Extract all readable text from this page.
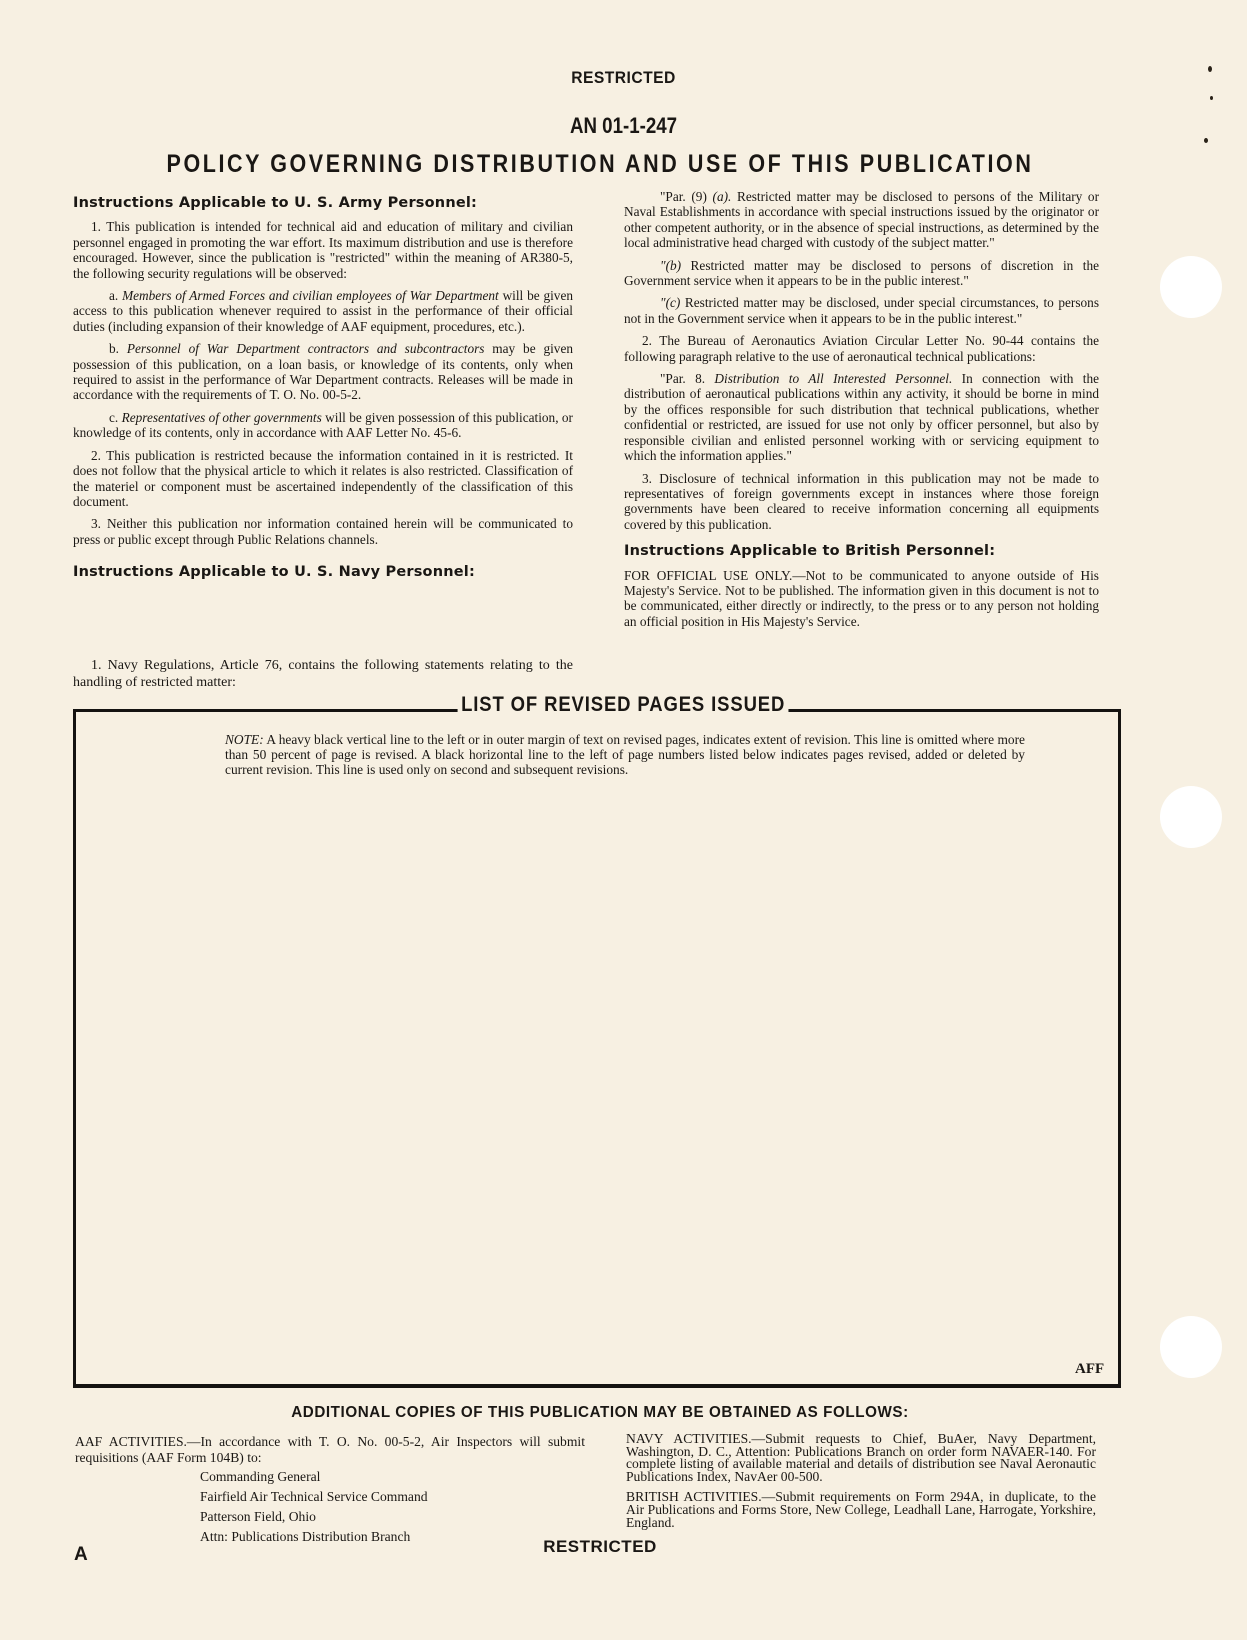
RESTRICTED
AN 01-1-247
POLICY GOVERNING DISTRIBUTION AND USE OF THIS PUBLICATION
Instructions Applicable to U. S. Army Personnel:

1. This publication is intended for technical aid and education of military and civilian personnel engaged in promoting the war effort. Its maximum distribution and use is therefore encouraged. However, since the publication is "restricted" within the meaning of AR380-5, the following security regulations will be observed:

a. Members of Armed Forces and civilian employees of War Department will be given access to this publication whenever required to assist in the performance of their official duties (including expansion of their knowledge of AAF equipment, procedures, etc.).

b. Personnel of War Department contractors and subcontractors may be given possession of this publication, on a loan basis, or knowledge of its contents, only when required to assist in the performance of War Department contracts. Releases will be made in accordance with the requirements of T. O. No. 00-5-2.

c. Representatives of other governments will be given possession of this publication, or knowledge of its contents, only in accordance with AAF Letter No. 45-6.

2. This publication is restricted because the information contained in it is restricted. It does not follow that the physical article to which it relates is also restricted. Classification of the materiel or component must be ascertained independently of the classification of this document.

3. Neither this publication nor information contained herein will be communicated to press or public except through Public Relations channels.

Instructions Applicable to U. S. Navy Personnel:
1. Navy Regulations, Article 76, contains the following statements relating to the handling of restricted matter:

"Par. (9) (a). Restricted matter may be disclosed to persons of the Military or Naval Establishments in accordance with special instructions issued by the originator or other competent authority, or in the absence of special instructions, as determined by the local administrative head charged with custody of the subject matter."

"(b) Restricted matter may be disclosed to persons of discretion in the Government service when it appears to be in the public interest."

"(c) Restricted matter may be disclosed, under special circumstances, to persons not in the Government service when it appears to be in the public interest."

2. The Bureau of Aeronautics Aviation Circular Letter No. 90-44 contains the following paragraph relative to the use of aeronautical technical publications:

"Par. 8. Distribution to All Interested Personnel. In connection with the distribution of aeronautical publications within any activity, it should be borne in mind by the offices responsible for such distribution that technical publications, whether confidential or restricted, are issued for use not only by officer personnel, but also by responsible civilian and enlisted personnel working with or servicing equipment to which the information applies."

3. Disclosure of technical information in this publication may not be made to representatives of foreign governments except in instances where those foreign governments have been cleared to receive information concerning all equipments covered by this publication.

Instructions Applicable to British Personnel:

FOR OFFICIAL USE ONLY.—Not to be communicated to anyone outside of His Majesty's Service. Not to be published. The information given in this document is not to be communicated, either directly or indirectly, to the press or to any person not holding an official position in His Majesty's Service.

LIST OF REVISED PAGES ISSUED
NOTE: A heavy black vertical line to the left or in outer margin of text on revised pages, indicates extent of revision. This line is omitted where more than 50 percent of page is revised. A black horizontal line to the left of page numbers listed below indicates pages revised, added or deleted by current revision. This line is used only on second and subsequent revisions.
AFF
ADDITIONAL COPIES OF THIS PUBLICATION MAY BE OBTAINED AS FOLLOWS:
AAF ACTIVITIES.—In accordance with T. O. No. 00-5-2, Air Inspectors will submit requisitions (AAF Form 104B) to:
Commanding General
Fairfield Air Technical Service Command
Patterson Field, Ohio
Attn: Publications Distribution Branch

NAVY ACTIVITIES.—Submit requests to Chief, BuAer, Navy Department, Washington, D. C., Attention: Publications Branch on order form NAVAER-140. For complete listing of available material and details of distribution see Naval Aeronautic Publications Index, NavAer 00-500.

BRITISH ACTIVITIES.—Submit requirements on Form 294A, in duplicate, to the Air Publications and Forms Store, New College, Leadhall Lane, Harrogate, Yorkshire, England.

A	RESTRICTED
